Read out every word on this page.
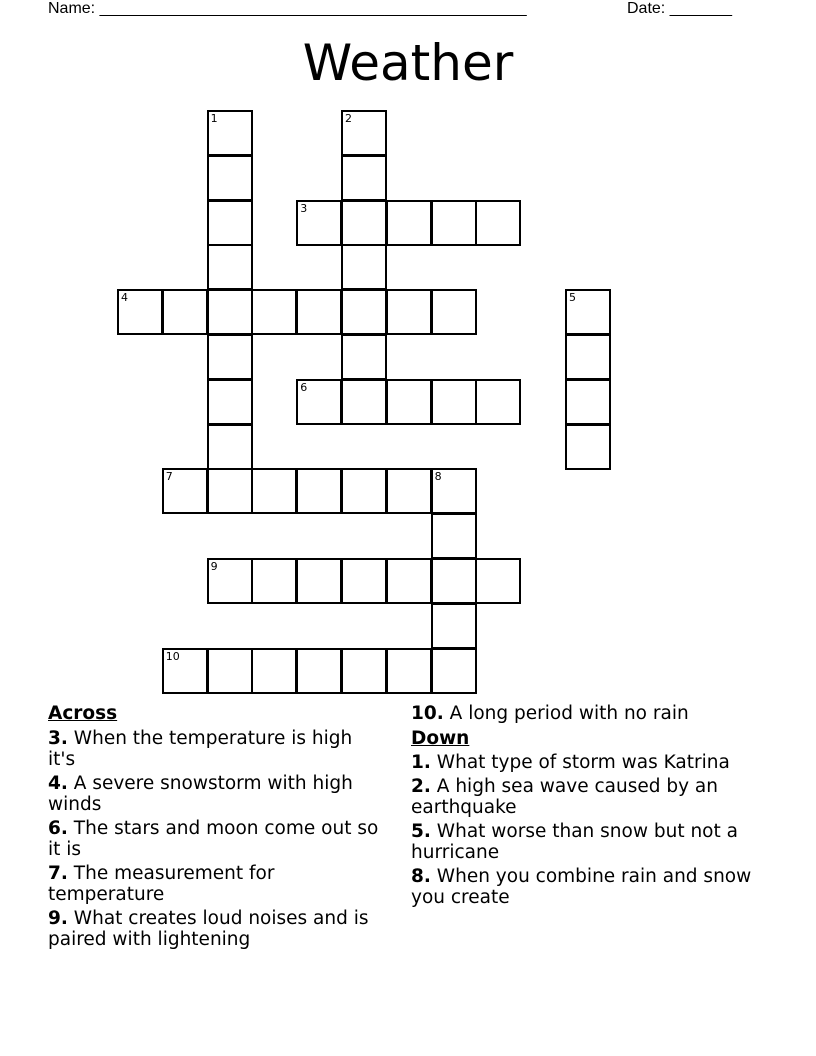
Name: ________________________________________________	Date: _______
Weather
1	2
3
4	5
6
7	8
9
10
Across
3. When the temperature is high it's
4. A severe snowstorm with high winds
6. The stars and moon come out so it is
7. The measurement for temperature
9. What creates loud noises and is paired with lightening
10. A long period with no rain
Down
1. What type of storm was Katrina
2. A high sea wave caused by an earthquake
5. What worse than snow but not a hurricane
8. When you combine rain and snow you create
